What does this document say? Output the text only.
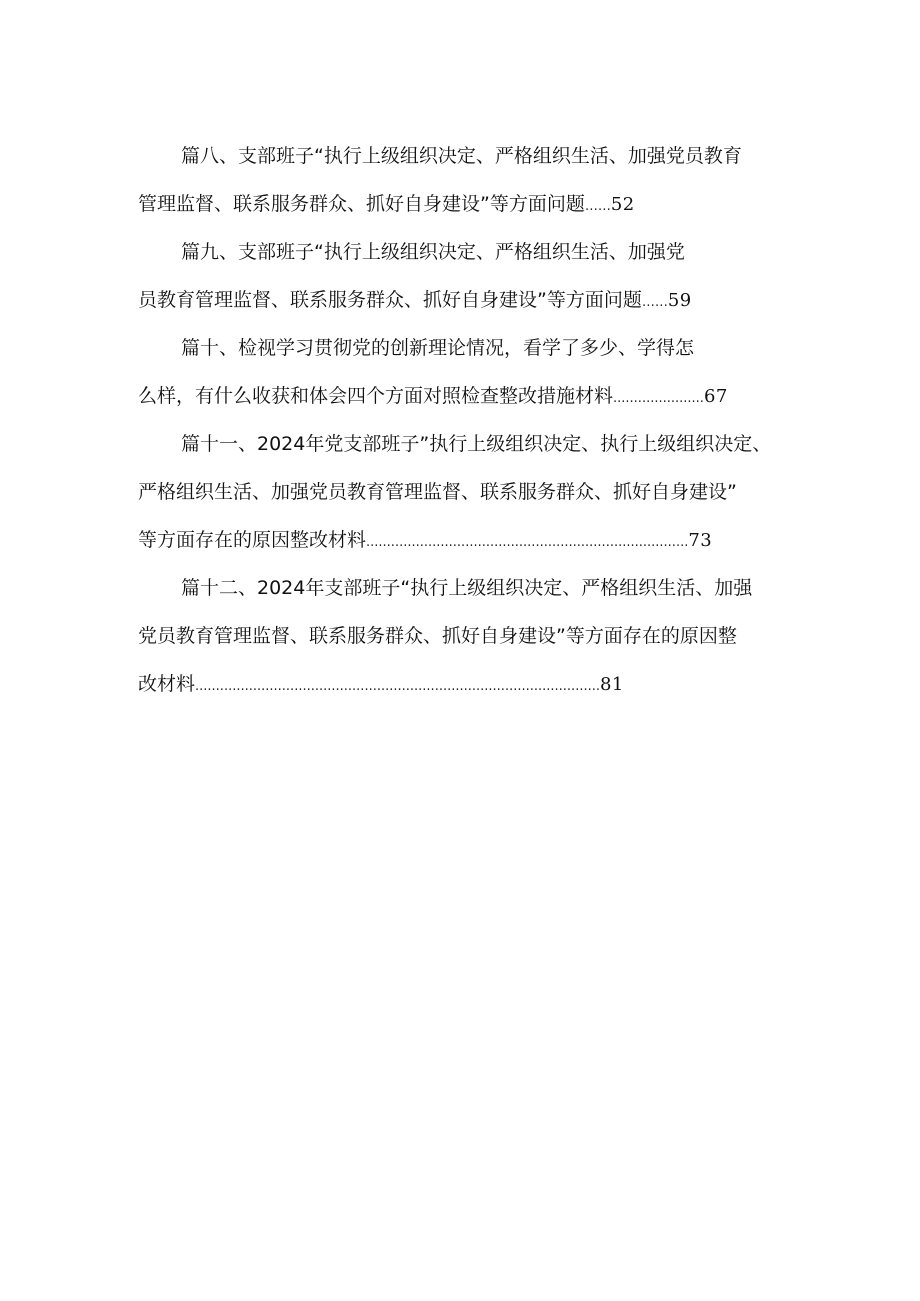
篇八、支部班子“执行上级组织决定、严格组织生活、加强党员教育
管理监督、联系服务群众、抓好自身建设”等方面问题……52
篇九、支部班子“执行上级组织决定、严格组织生活、加强党
员教育管理监督、联系服务群众、抓好自身建设”等方面问题……59
篇十、检视学习贯彻党的创新理论情况，看学了多少、学得怎
么样，有什么收获和体会四个方面对照检查整改措施材料......................67
篇十一、2024年党支部班子”执行上级组织决定、执行上级组织决定、
严格组织生活、加强党员教育管理监督、联系服务群众、抓好自身建设”
等方面存在的原因整改材料..............................................................................73
篇十二、2024年支部班子“执行上级组织决定、严格组织生活、加强
党员教育管理监督、联系服务群众、抓好自身建设”等方面存在的原因整
改材料..................................................................................................81
